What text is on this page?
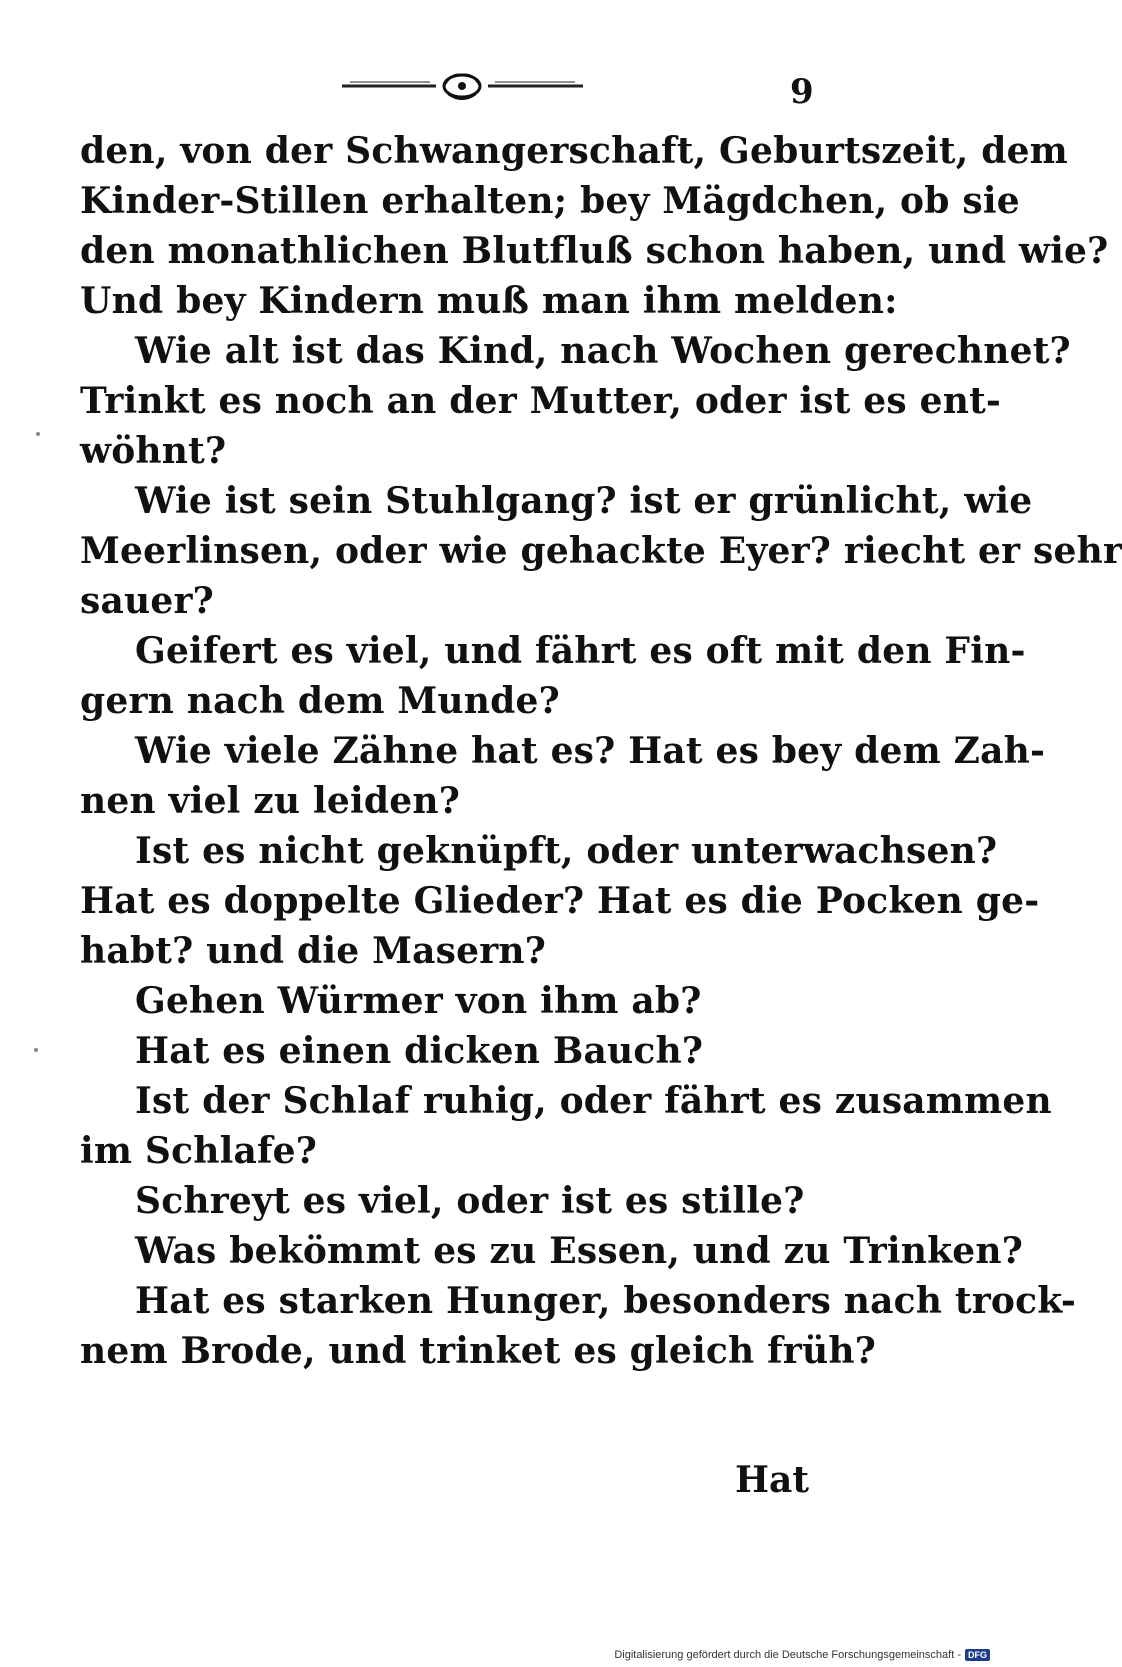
9
den, von der Schwangerschaft, Geburtszeit, dem
Kinder-Stillen erhalten; bey Mägdchen, ob sie
den monathlichen Blutfluß schon haben, und wie?
Und bey Kindern muß man ihm melden:
Wie alt ist das Kind, nach Wochen gerechnet?
Trinkt es noch an der Mutter, oder ist es ent-
wöhnt?
Wie ist sein Stuhlgang? ist er grünlicht, wie
Meerlinsen, oder wie gehackte Eyer? riecht er sehr
sauer?
Geifert es viel, und fährt es oft mit den Fin-
gern nach dem Munde?
Wie viele Zähne hat es? Hat es bey dem Zah-
nen viel zu leiden?
Ist es nicht geknüpft, oder unterwachsen?
Hat es doppelte Glieder? Hat es die Pocken ge-
habt? und die Masern?
Gehen Würmer von ihm ab?
Hat es einen dicken Bauch?
Ist der Schlaf ruhig, oder fährt es zusammen
im Schlafe?
Schreyt es viel, oder ist es stille?
Was bekömmt es zu Essen, und zu Trinken?
Hat es starken Hunger, besonders nach trock-
nem Brode, und trinket es gleich früh?
Hat
Digitalisierung gefördert durch die Deutsche Forschungsgemeinschaft - DFG
